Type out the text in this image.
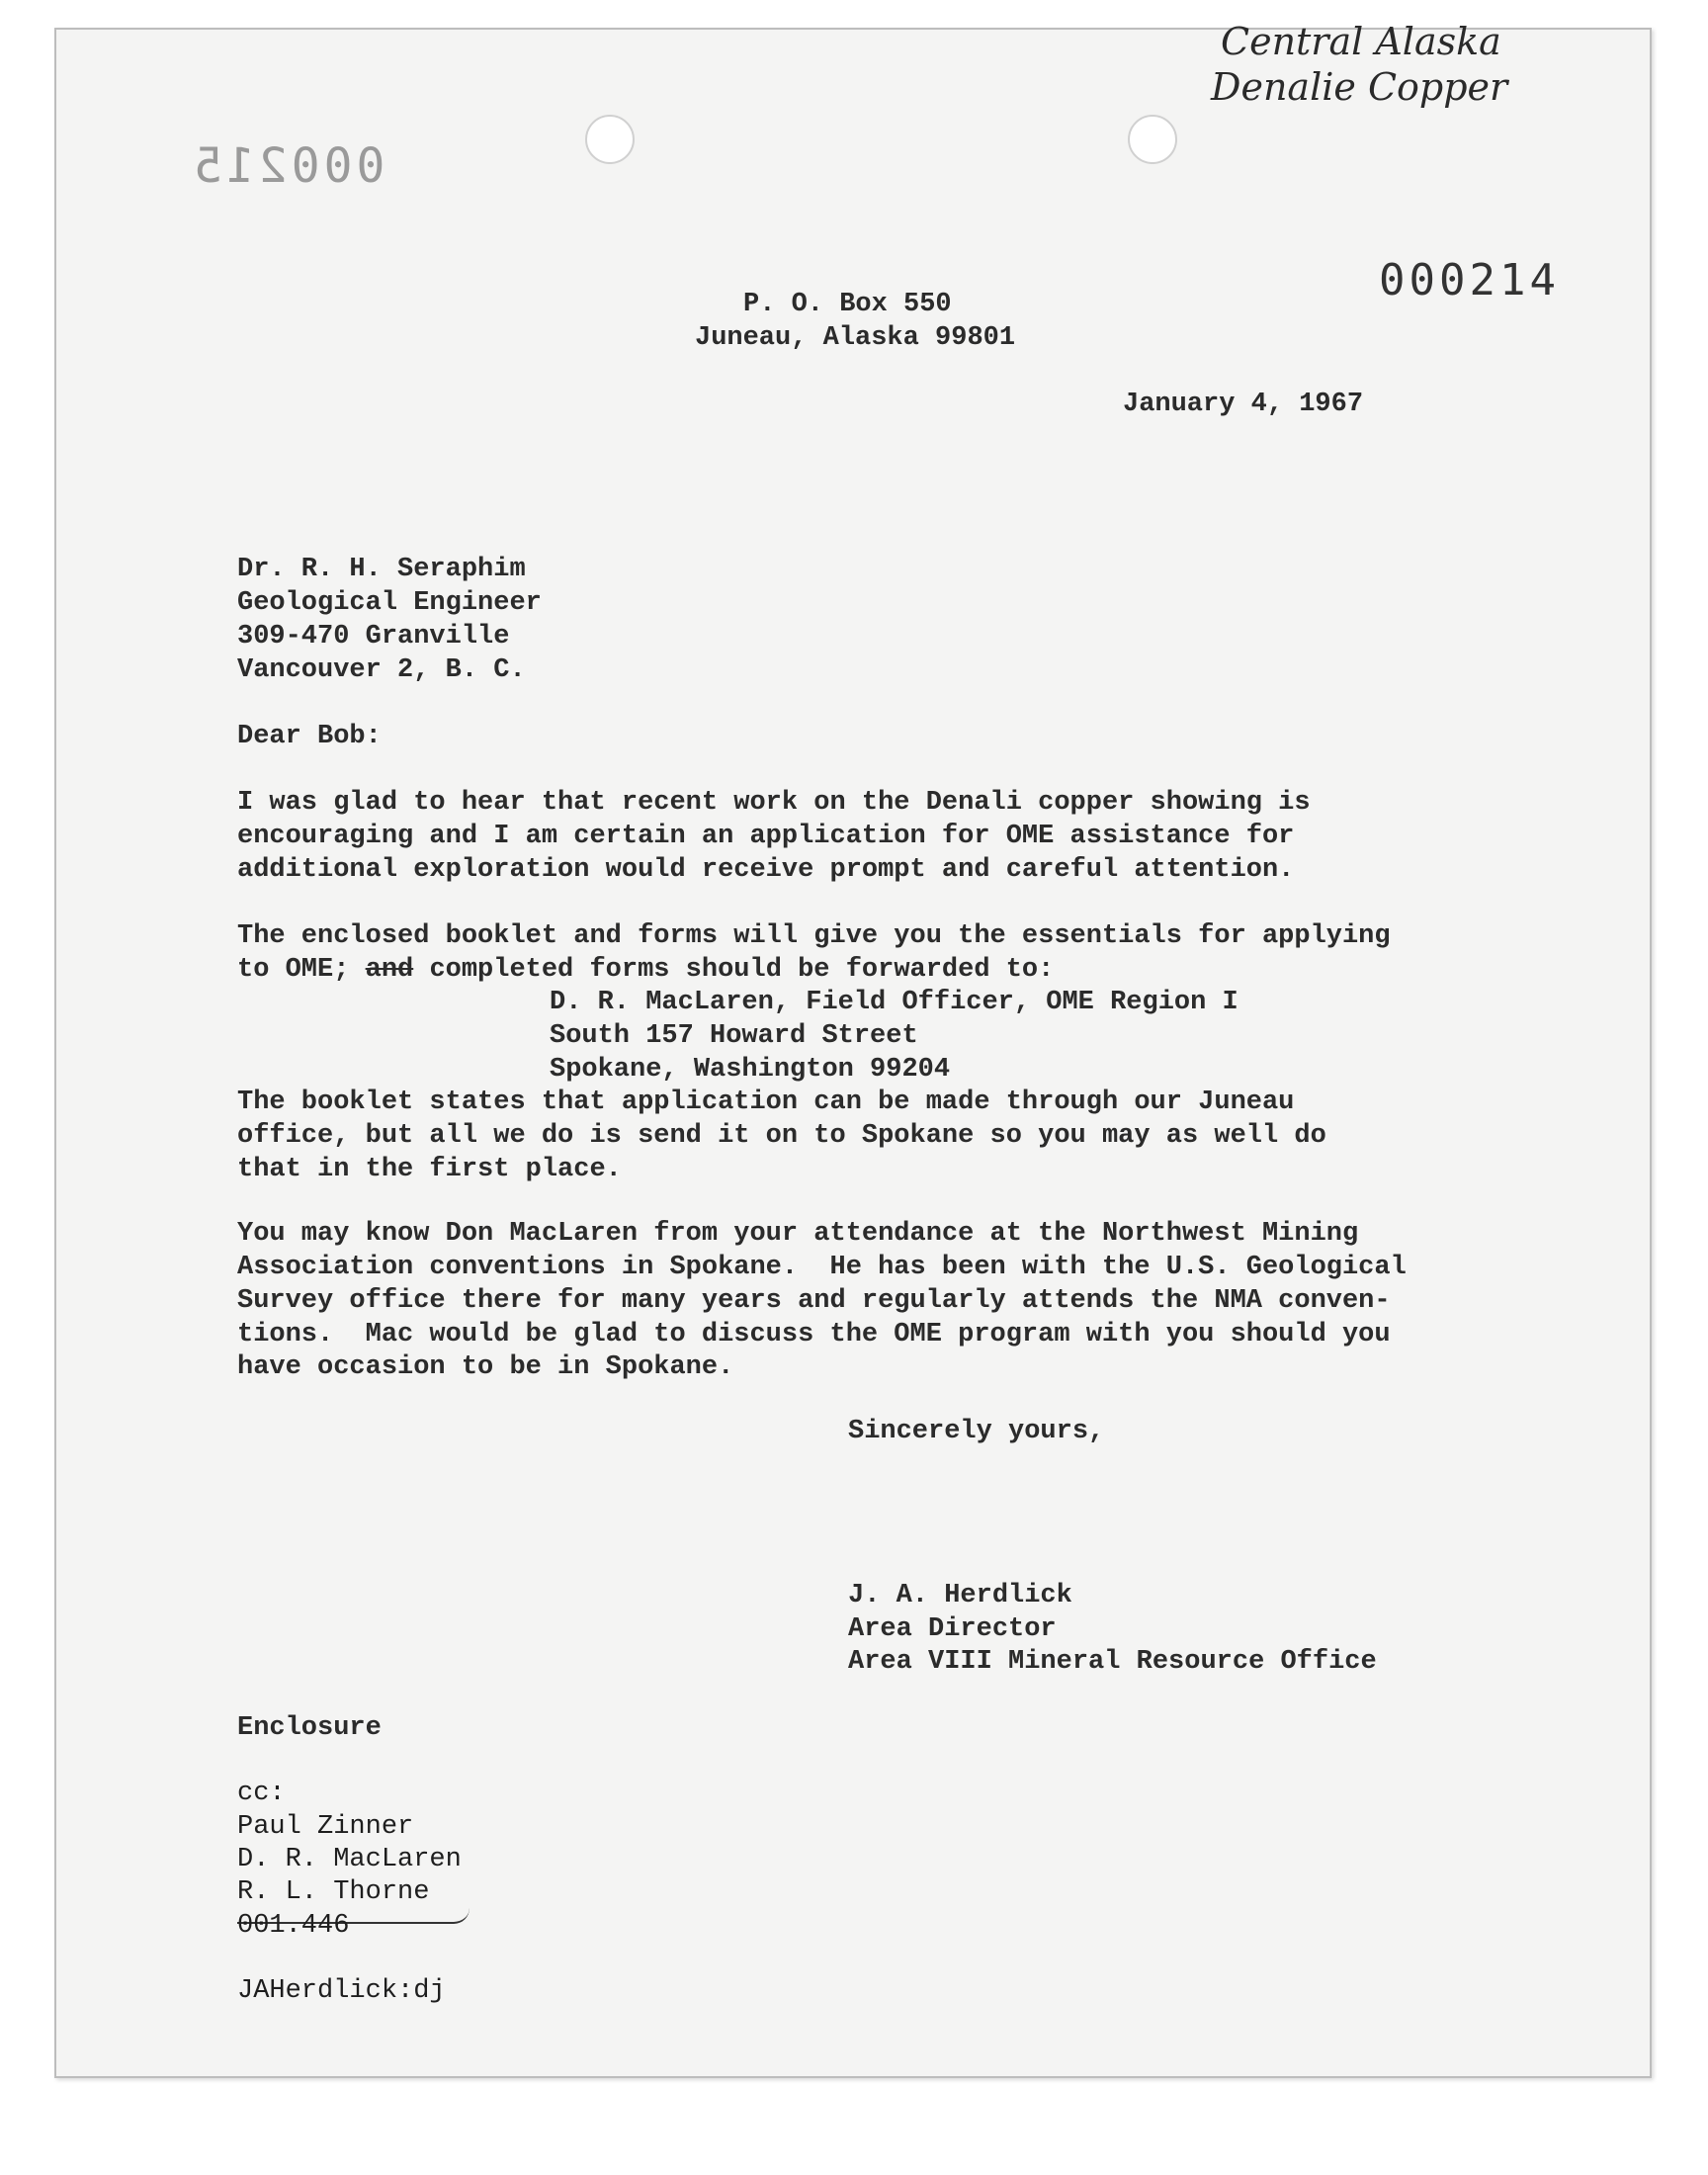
Central Alaska
Denalie Copper
000215
000214
P. O. Box 550
Juneau, Alaska 99801
January 4, 1967
Dr. R. H. Seraphim
Geological Engineer
309-470 Granville
Vancouver 2, B. C.
Dear Bob:
I was glad to hear that recent work on the Denali copper showing is
encouraging and I am certain an application for OME assistance for
additional exploration would receive prompt and careful attention.
The enclosed booklet and forms will give you the essentials for applying
to OME; and completed forms should be forwarded to:
D. R. MacLaren, Field Officer, OME Region I
South 157 Howard Street
Spokane, Washington 99204
The booklet states that application can be made through our Juneau
office, but all we do is send it on to Spokane so you may as well do
that in the first place.
You may know Don MacLaren from your attendance at the Northwest Mining
Association conventions in Spokane.  He has been with the U.S. Geological
Survey office there for many years and regularly attends the NMA conven-
tions.  Mac would be glad to discuss the OME program with you should you
have occasion to be in Spokane.
Sincerely yours,
J. A. Herdlick
Area Director
Area VIII Mineral Resource Office
Enclosure
cc:
Paul Zinner
D. R. MacLaren
R. L. Thorne
001.446
JAHerdlick:dj
